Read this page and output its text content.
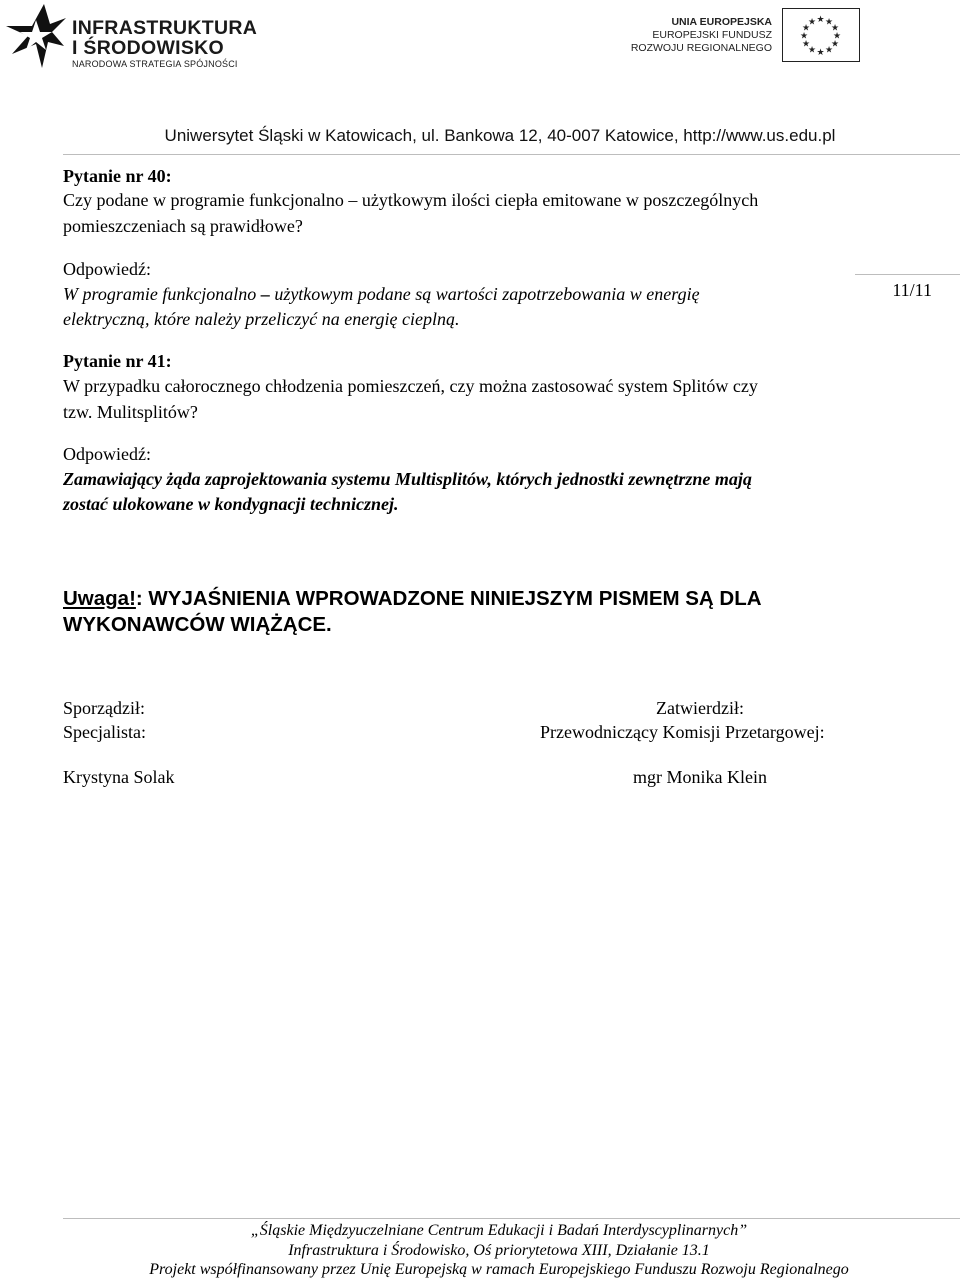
INFRASTRUKTURA
I ŚRODOWISKO
NARODOWA STRATEGIA SPÓJNOŚCI
UNIA EUROPEJSKA
EUROPEJSKI FUNDUSZ
ROZWOJU REGIONALNEGO
★ ★
★
★
★
★
★
★
★
★
★
★
Uniwersytet Śląski w Katowicach, ul. Bankowa 12, 40-007 Katowice, http://www.us.edu.pl
11/11
Pytanie nr 40:
Czy podane w programie funkcjonalno – użytkowym ilości ciepła emitowane w poszczególnych
pomieszczeniach są prawidłowe?
Odpowiedź:
W programie funkcjonalno – użytkowym podane są wartości zapotrzebowania w energię
elektryczną, które należy przeliczyć na energię cieplną.
Pytanie nr 41:
W przypadku całorocznego chłodzenia pomieszczeń, czy można zastosować system Splitów czy
tzw. Mulitsplitów?
Odpowiedź:
Zamawiający żąda zaprojektowania systemu Multisplitów, których jednostki zewnętrzne mają
zostać ulokowane w kondygnacji technicznej.
Uwaga!: WYJAŚNIENIA WPROWADZONE NINIEJSZYM PISMEM SĄ DLA
WYKONAWCÓW WIĄŻĄCE.
Sporządził:
Specjalista:
Krystyna Solak
Zatwierdził:
Przewodniczący Komisji Przetargowej:
mgr Monika Klein
„Śląskie Międzyuczelniane Centrum Edukacji i Badań Interdyscyplinarnych”
Infrastruktura i Środowisko, Oś priorytetowa XIII, Działanie 13.1
Projekt współfinansowany przez Unię Europejską w ramach Europejskiego Funduszu Rozwoju Regionalnego
